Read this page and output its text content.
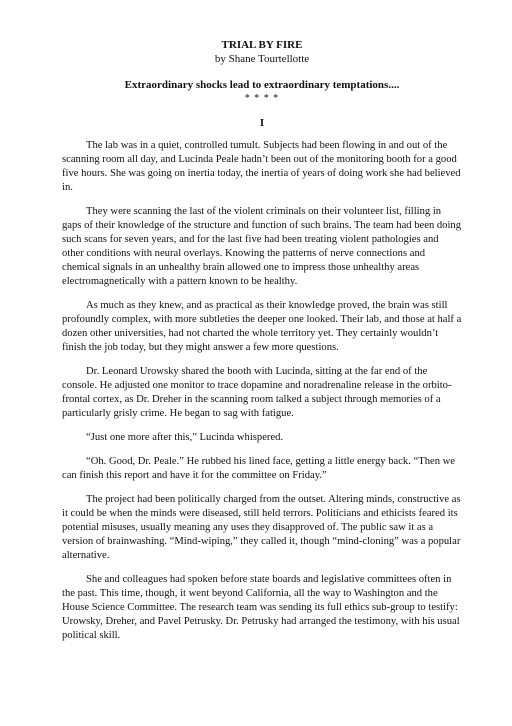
TRIAL BY FIRE

by Shane Tourtellotte

Extraordinary shocks lead to extraordinary temptations....

* * * *

I

The lab was in a quiet, controlled tumult. Subjects had been flowing in and out of the scanning room all day, and Lucinda Peale hadn’t been out of the monitoring booth for a good five hours. She was going on inertia today, the inertia of years of doing work she had believed in.

They were scanning the last of the violent criminals on their volunteer list, filling in gaps of their knowledge of the structure and function of such brains. The team had been doing such scans for seven years, and for the last five had been treating violent pathologies and other conditions with neural overlays. Knowing the patterns of nerve connections and chemical signals in an unhealthy brain allowed one to impress those unhealthy areas electromagnetically with a pattern known to be healthy.

As much as they knew, and as practical as their knowledge proved, the brain was still profoundly complex, with more subtleties the deeper one looked. Their lab, and those at half a dozen other universities, had not charted the whole territory yet. They certainly wouldn’t finish the job today, but they might answer a few more questions.

Dr. Leonard Urowsky shared the booth with Lucinda, sitting at the far end of the console. He adjusted one monitor to trace dopamine and noradrenaline release in the orbito-frontal cortex, as Dr. Dreher in the scanning room talked a subject through memories of a particularly grisly crime. He began to sag with fatigue.

“Just one more after this,” Lucinda whispered.

“Oh. Good, Dr. Peale.” He rubbed his lined face, getting a little energy back. “Then we can finish this report and have it for the committee on Friday.”

The project had been politically charged from the outset. Altering minds, constructive as it could be when the minds were diseased, still held terrors. Politicians and ethicists feared its potential misuses, usually meaning any uses they disapproved of. The public saw it as a version of brainwashing. “Mind-wiping,” they called it, though “mind-cloning” was a popular alternative.

She and colleagues had spoken before state boards and legislative committees often in the past. This time, though, it went beyond California, all the way to Washington and the House Science Committee. The research team was sending its full ethics sub-group to testify: Urowsky, Dreher, and Pavel Petrusky. Dr. Petrusky had arranged the testimony, with his usual political skill.
